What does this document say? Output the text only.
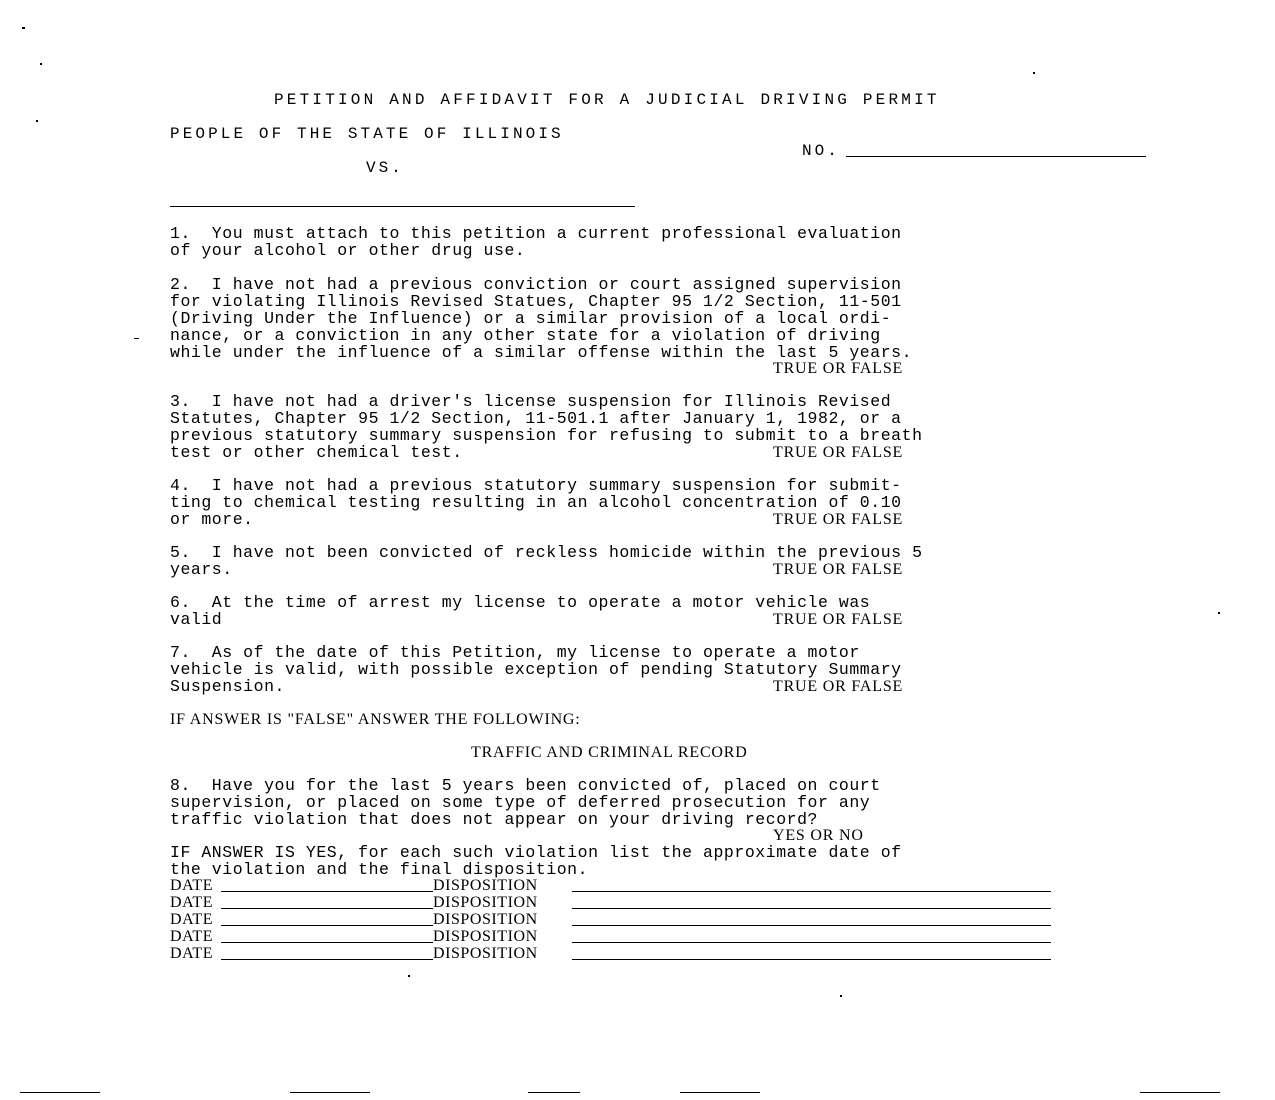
PETITION AND AFFIDAVIT FOR A JUDICIAL DRIVING PERMIT
PEOPLE OF THE STATE OF ILLINOIS
VS.
NO.
1.  You must attach to this petition a current professional evaluation
of your alcohol or other drug use.
2.  I have not had a previous conviction or court assigned supervision
for violating Illinois Revised Statues, Chapter 95 1/2 Section, 11-501
(Driving Under the Influence) or a similar provision of a local ordi-
nance, or a conviction in any other state for a violation of driving
while under the influence of a similar offense within the last 5 years.
TRUE OR FALSE
3.  I have not had a driver's license suspension for Illinois Revised
Statutes, Chapter 95 1/2 Section, 11-501.1 after January 1, 1982, or a
previous statutory summary suspension for refusing to submit to a breath
test or other chemical test.	TRUE OR FALSE
4.  I have not had a previous statutory summary suspension for submit-
ting to chemical testing resulting in an alcohol concentration of 0.10
or more.	TRUE OR FALSE
5.  I have not been convicted of reckless homicide within the previous 5
years.	TRUE OR FALSE
6.  At the time of arrest my license to operate a motor vehicle was
valid	TRUE OR FALSE
7.  As of the date of this Petition, my license to operate a motor
vehicle is valid, with possible exception of pending Statutory Summary
Suspension.	TRUE OR FALSE
IF ANSWER IS "FALSE" ANSWER THE FOLLOWING:
TRAFFIC AND CRIMINAL RECORD
8.  Have you for the last 5 years been convicted of, placed on court
supervision, or placed on some type of deferred prosecution for any
traffic violation that does not appear on your driving record?
YES OR NO
IF ANSWER IS YES, for each such violation list the approximate date of
the violation and the final disposition.
DATE	DISPOSITION
DATE	DISPOSITION
DATE	DISPOSITION
DATE	DISPOSITION
DATE	DISPOSITION
